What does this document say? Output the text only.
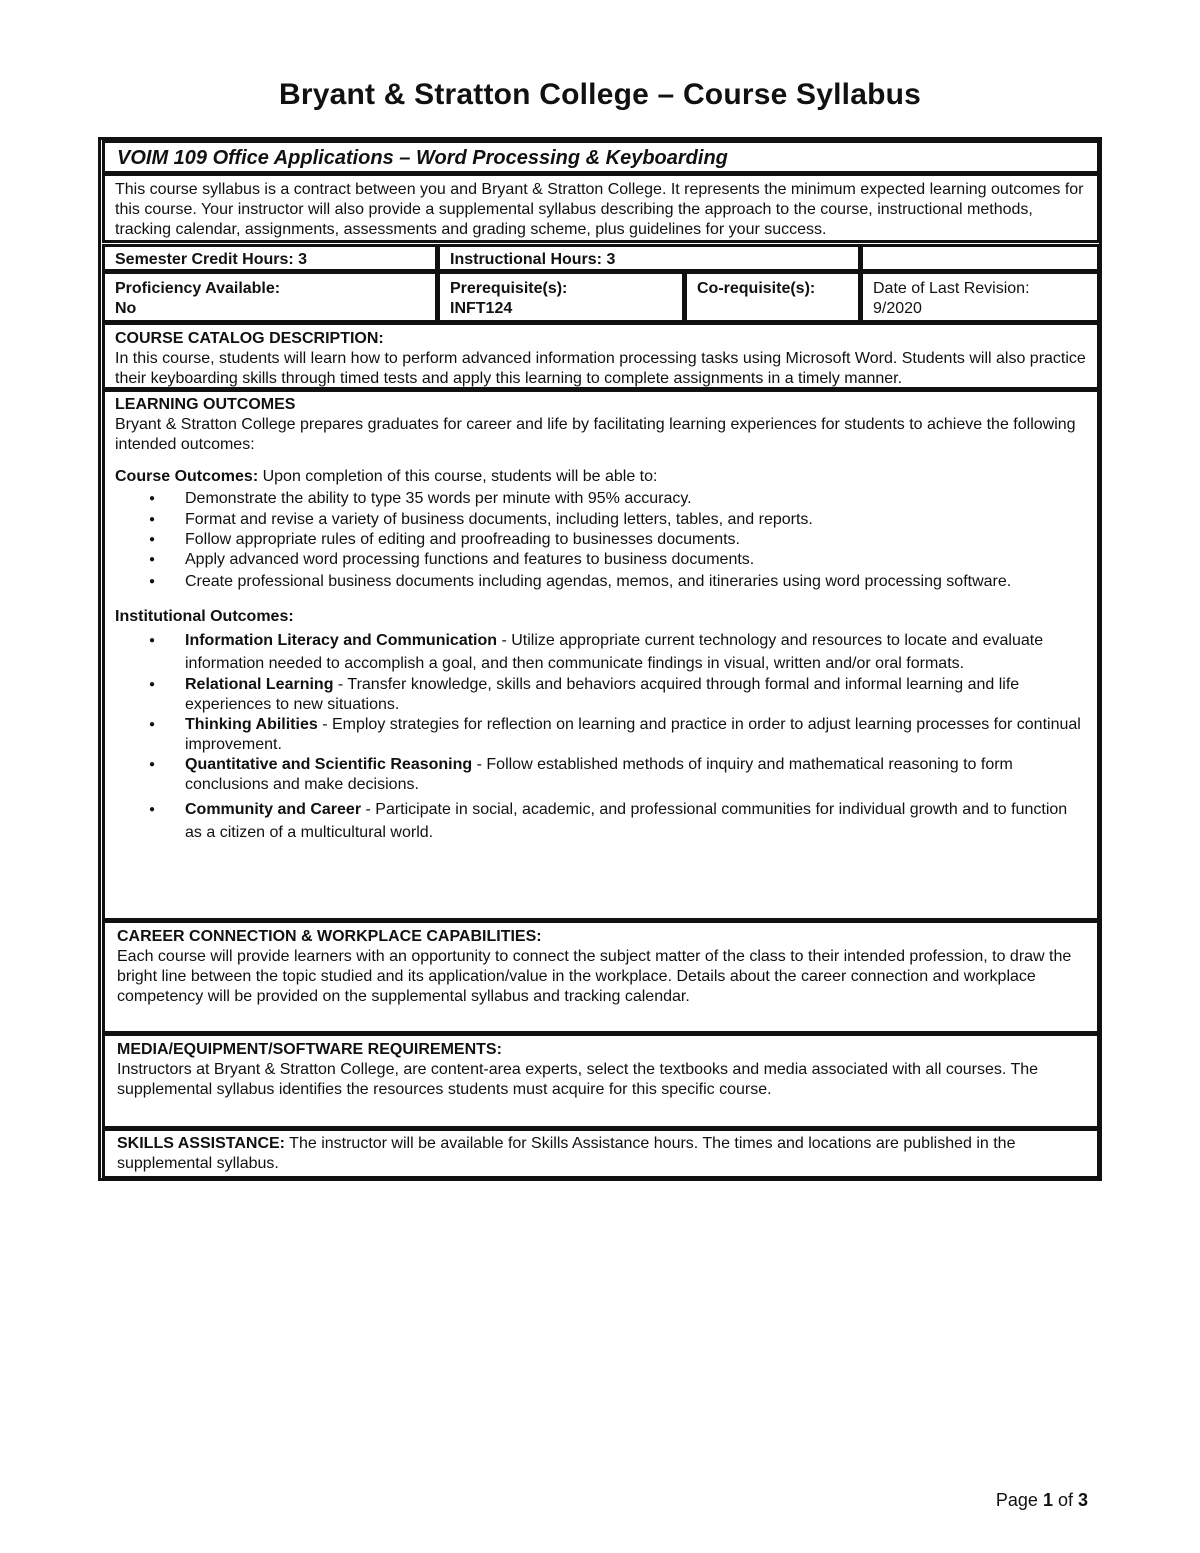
Bryant & Stratton College – Course Syllabus
VOIM 109 Office Applications – Word Processing & Keyboarding

This course syllabus is a contract between you and Bryant & Stratton College. It represents the minimum expected learning outcomes for this course. Your instructor will also provide a supplemental syllabus describing the approach to the course, instructional methods, tracking calendar, assignments, assessments and grading scheme, plus guidelines for your success.

Semester Credit Hours: 3	Instructional Hours: 3

Proficiency Available:

No

Prerequisite(s):

INFT124

Co-requisite(s):	Date of Last Revision:

9/2020

COURSE CATALOG DESCRIPTION:

In this course, students will learn how to perform advanced information processing tasks using Microsoft Word. Students will also practice their keyboarding skills through timed tests and apply this learning to complete assignments in a timely manner.

LEARNING OUTCOMES

Bryant & Stratton College prepares graduates for career and life by facilitating learning experiences for students to achieve the following intended outcomes:

Course Outcomes: Upon completion of this course, students will be able to:

● Demonstrate the ability to type 35 words per minute with 95% accuracy.
● Format and revise a variety of business documents, including letters, tables, and reports.
● Follow appropriate rules of editing and proofreading to businesses documents.
● Apply advanced word processing functions and features to business documents.
● Create professional business documents including agendas, memos, and itineraries using word processing software.

Institutional Outcomes:

● Information Literacy and Communication - Utilize appropriate current technology and resources to locate and evaluate information needed to accomplish a goal, and then communicate findings in visual, written and/or oral formats.
● Relational Learning - Transfer knowledge, skills and behaviors acquired through formal and informal learning and life experiences to new situations.
● Thinking Abilities - Employ strategies for reflection on learning and practice in order to adjust learning processes for continual improvement.
● Quantitative and Scientific Reasoning - Follow established methods of inquiry and mathematical reasoning to form conclusions and make decisions.
● Community and Career - Participate in social, academic, and professional communities for individual growth and to function as a citizen of a multicultural world.

CAREER CONNECTION & WORKPLACE CAPABILITIES:

Each course will provide learners with an opportunity to connect the subject matter of the class to their intended profession, to draw the bright line between the topic studied and its application/value in the workplace. Details about the career connection and workplace competency will be provided on the supplemental syllabus and tracking calendar.

MEDIA/EQUIPMENT/SOFTWARE REQUIREMENTS:

Instructors at Bryant & Stratton College, are content-area experts, select the textbooks and media associated with all courses. The supplemental syllabus identifies the resources students must acquire for this specific course.

SKILLS ASSISTANCE: The instructor will be available for Skills Assistance hours. The times and locations are published in the supplemental syllabus.

Page 1 of 3
